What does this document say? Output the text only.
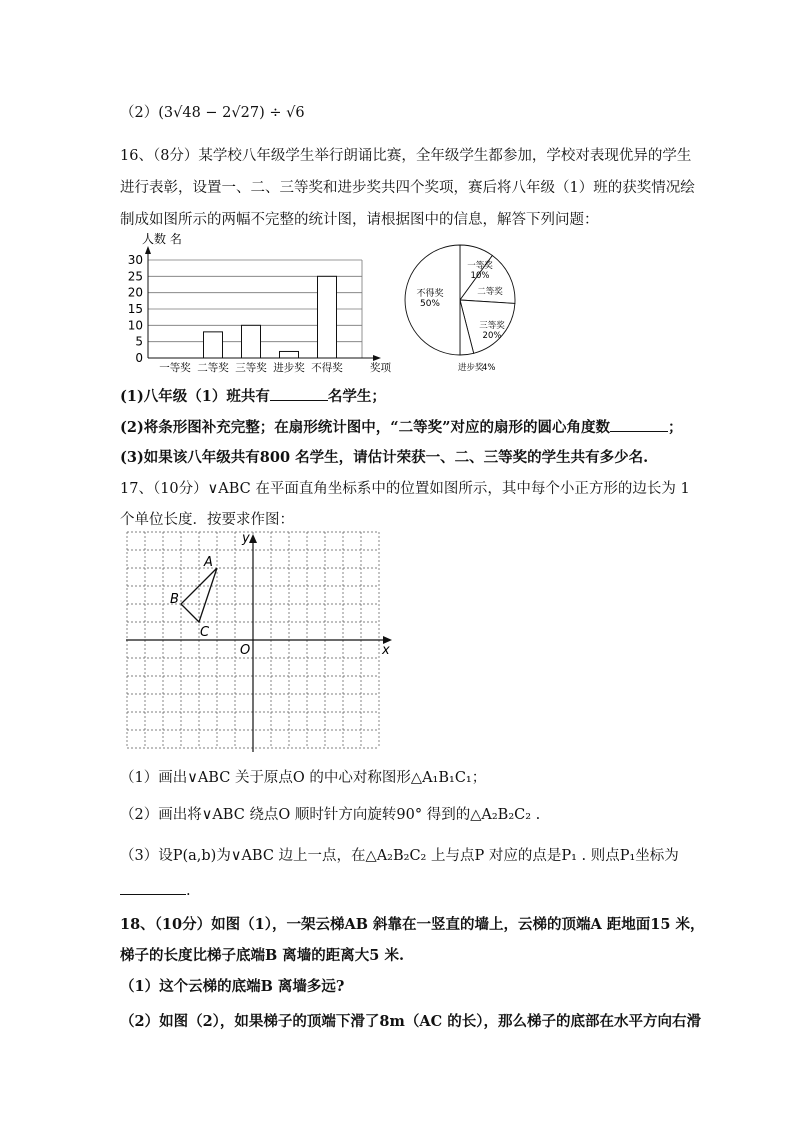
（2）(3√48 − 2√27) ÷ √6
16、（8分）某学校八年级学生举行朗诵比赛，全年级学生都参加，学校对表现优异的学生
进行表彰，设置一、二、三等奖和进步奖共四个奖项，赛后将八年级（1）班的获奖情况绘
制成如图所示的两幅不完整的统计图，请根据图中的信息，解答下列问题：
0
5
10
15
20
25
30
人数 名
奖项
一等奖 二等奖 三等奖 进步奖 不得奖
一等奖
10%
二等奖
三等奖
20%
进步奖
4%
不得奖
50%
(1)八年级（1）班共有	名学生；
(2)将条形图补充完整；在扇形统计图中，“二等奖”对应的扇形的圆心角度数	；
(3)如果该八年级共有800 名学生，请估计荣获一、二、三等奖的学生共有多少名.
17、（10分）∨ABC 在平面直角坐标系中的位置如图所示，其中每个小正方形的边长为 1
个单位长度．按要求作图：
y
x
O
A
B
C
（1）画出∨ABC 关于原点O 的中心对称图形△A₁B₁C₁；
（2）画出将∨ABC 绕点O 顺时针方向旋转90° 得到的△A₂B₂C₂ .
（3）设P(a,b)为∨ABC 边上一点，在△A₂B₂C₂ 上与点P 对应的点是P₁ . 则点P₁坐标为
.
18、（10分）如图（1），一架云梯AB 斜靠在一竖直的墙上，云梯的顶端A 距地面15 米，
梯子的长度比梯子底端B 离墙的距离大5 米.
（1）这个云梯的底端B 离墙多远?
（2）如图（2），如果梯子的顶端下滑了8m（AC 的长），那么梯子的底部在水平方向右滑
